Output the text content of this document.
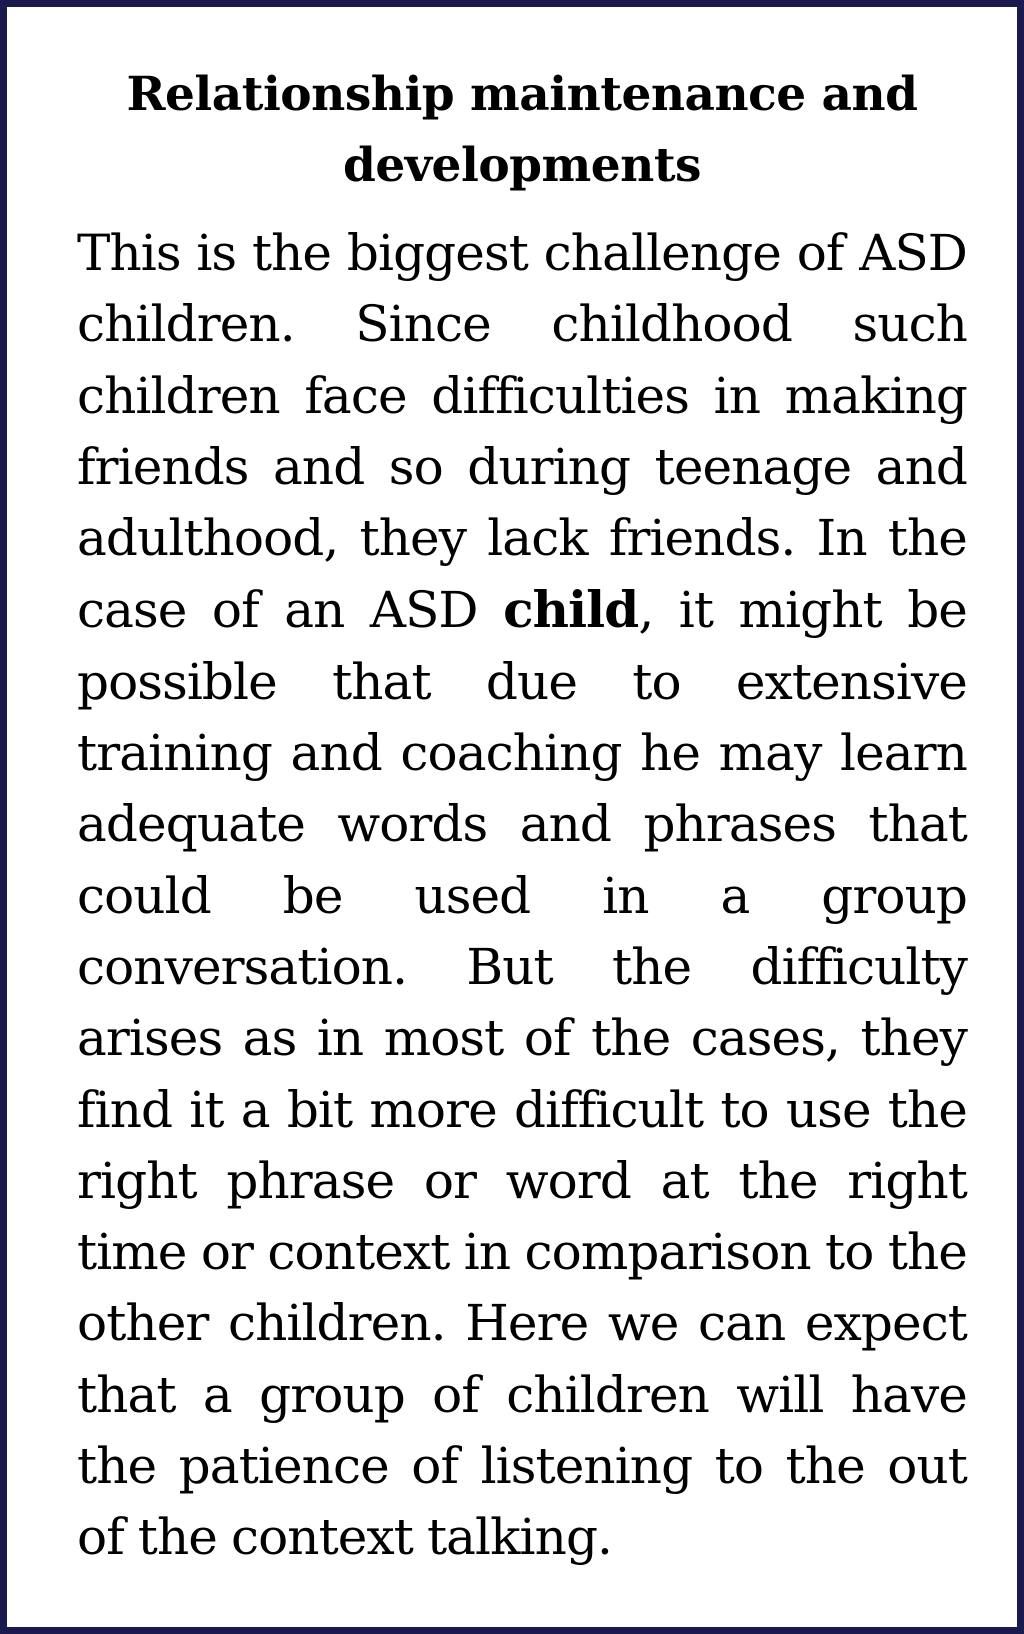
Relationship maintenance and developments

This is the biggest challenge of ASD children. Since childhood such children face difficulties in making friends and so during teenage and adulthood, they lack friends. In the case of an ASD child, it might be possible that due to extensive training and coaching he may learn adequate words and phrases that could be used in a group conversation. But the difficulty arises as in most of the cases, they find it a bit more difficult to use the right phrase or word at the right time or context in comparison to the other children. Here we can expect that a group of children will have the patience of listening to the out of the context talking.
